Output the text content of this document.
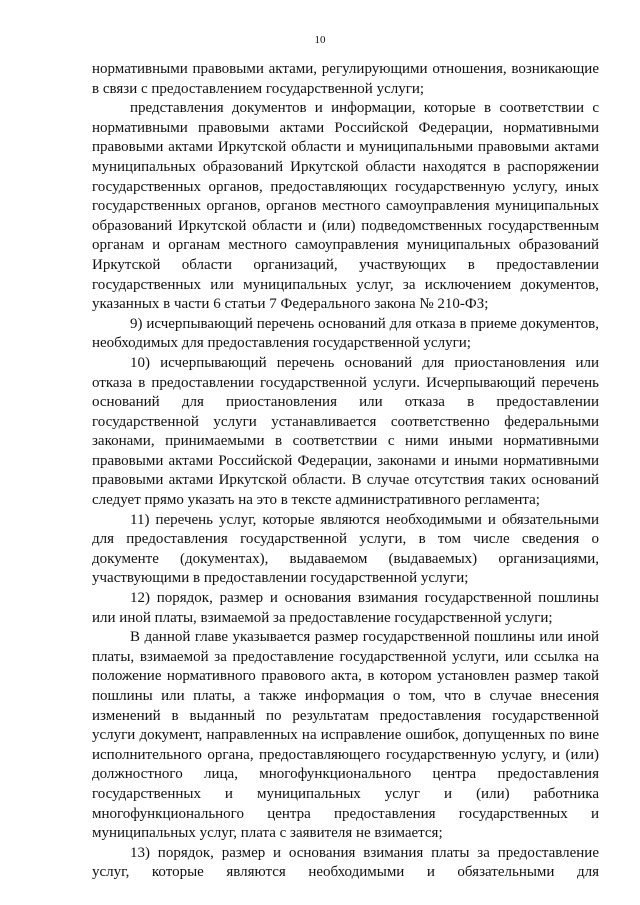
10

нормативными правовыми актами, регулирующими отношения, возникающие в связи с предоставлением государственной услуги;

представления документов и информации, которые в соответствии с нормативными правовыми актами Российской Федерации, нормативными правовыми актами Иркутской области и муниципальными правовыми актами муниципальных образований Иркутской области находятся в распоряжении государственных органов, предоставляющих государственную услугу, иных государственных органов, органов местного самоуправления муниципальных образований Иркутской области и (или) подведомственных государственным органам и органам местного самоуправления муниципальных образований Иркутской области организаций, участвующих в предоставлении государственных или муниципальных услуг, за исключением документов, указанных в части 6 статьи 7 Федерального закона № 210-ФЗ;

9) исчерпывающий перечень оснований для отказа в приеме документов, необходимых для предоставления государственной услуги;

10) исчерпывающий перечень оснований для приостановления или отказа в предоставлении государственной услуги. Исчерпывающий перечень оснований для приостановления или отказа в предоставлении государственной услуги устанавливается соответственно федеральными законами, принимаемыми в соответствии с ними иными нормативными правовыми актами Российской Федерации, законами и иными нормативными правовыми актами Иркутской области. В случае отсутствия таких оснований следует прямо указать на это в тексте административного регламента;

11) перечень услуг, которые являются необходимыми и обязательными для предоставления государственной услуги, в том числе сведения о документе (документах), выдаваемом (выдаваемых) организациями, участвующими в предоставлении государственной услуги;

12) порядок, размер и основания взимания государственной пошлины или иной платы, взимаемой за предоставление государственной услуги;

В данной главе указывается размер государственной пошлины или иной платы, взимаемой за предоставление государственной услуги, или ссылка на положение нормативного правового акта, в котором установлен размер такой пошлины или платы, а также информация о том, что в случае внесения изменений в выданный по результатам предоставления государственной услуги документ, направленных на исправление ошибок, допущенных по вине исполнительного органа, предоставляющего государственную услугу, и (или) должностного лица, многофункционального центра предоставления государственных и муниципальных услуг и (или) работника многофункционального центра предоставления государственных и муниципальных услуг, плата с заявителя не взимается;

13) порядок, размер и основания взимания платы за предоставление услуг, которые являются необходимыми и обязательными для
